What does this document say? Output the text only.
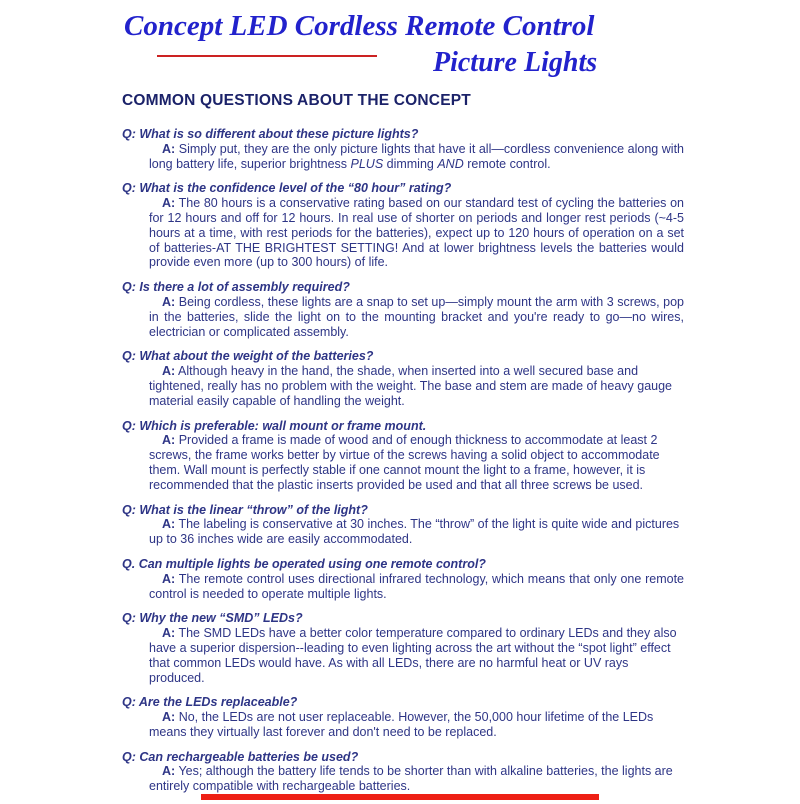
Concept LED Cordless Remote Control
Picture Lights
COMMON QUESTIONS ABOUT THE CONCEPT
Q: What is so different about these picture lights?
A: Simply put, they are the only picture lights that have it all—cordless convenience along with long battery life, superior brightness PLUS dimming AND remote control.
Q: What is the confidence level of the “80 hour” rating?
A: The 80 hours is a conservative rating based on our standard test of cycling the batteries on for 12 hours and off for 12 hours. In real use of shorter on periods and longer rest periods (~4-5 hours at a time, with rest periods for the batteries), expect up to 120 hours of operation on a set of batteries-AT THE BRIGHTEST SETTING! And at lower brightness levels the batteries would provide even more (up to 300 hours) of life.
Q: Is there a lot of assembly required?
A: Being cordless, these lights are a snap to set up—simply mount the arm with 3 screws, pop in the batteries, slide the light on to the mounting bracket and you're ready to go—no wires, electrician or complicated assembly.
Q: What about the weight of the batteries?
A: Although heavy in the hand, the shade, when inserted into a well secured base and tightened, really has no problem with the weight. The base and stem are made of heavy gauge material easily capable of handling the weight.
Q: Which is preferable: wall mount or frame mount.
A: Provided a frame is made of wood and of enough thickness to accommodate at least 2 screws, the frame works better by virtue of the screws having a solid object to accommodate them. Wall mount is perfectly stable if one cannot mount the light to a frame, however, it is recommended that the plastic inserts provided be used and that all three screws be used.
Q: What is the linear “throw” of the light?
A: The labeling is conservative at 30 inches. The “throw” of the light is quite wide and pictures up to 36 inches wide are easily accommodated.
Q. Can multiple lights be operated using one remote control?
A: The remote control uses directional infrared technology, which means that only one remote control is needed to operate multiple lights.
Q: Why the new “SMD” LEDs?
A: The SMD LEDs have a better color temperature compared to ordinary LEDs and they also have a superior dispersion--leading to even lighting across the art without the “spot light” effect that common LEDs would have. As with all LEDs, there are no harmful heat or UV rays produced.
Q: Are the LEDs replaceable?
A: No, the LEDs are not user replaceable. However, the 50,000 hour lifetime of the LEDs means they virtually last forever and don't need to be replaced.
Q: Can rechargeable batteries be used?
A: Yes; although the battery life tends to be shorter than with alkaline batteries, the lights are entirely compatible with rechargeable batteries.
